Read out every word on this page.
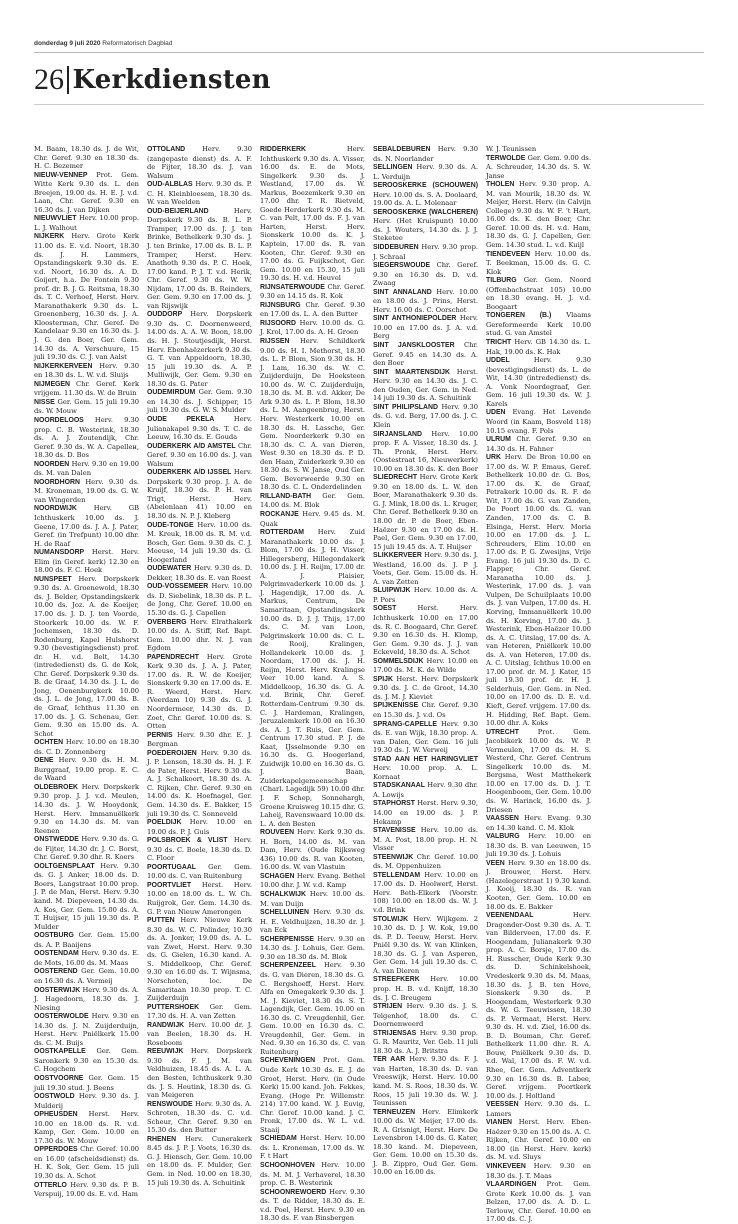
donderdag 9 juli 2020 Reformatorisch Dagblad
26 Kerkdiensten

M. Baam, 18.30 ds. J. de Wit, Chr. Geref. 9.30 en 18.30 ds. H. C. Bezemer

NIEUW-VENNEP Prot. Gem. Witte Kerk 9.30 ds. L. den Breejen, 19.00 ds. H. E. J. v.d. Laan, Chr. Geref. 9.30 en 16.30 ds. J. van Dijken

NIEUWVLIET Herv. 10.00 prop. L. J. Walhout

NIJKERK Herv. Grote Kerk 11.00 ds. E. v.d. Noort, 18.30 ds. J. H. Lammers, Opstandingskerk 9.30 ds. E. v.d. Noort, 16.30 ds. A. D. Goijert, h.a. De Fontein 9.30 prof. dr. B. J. G. Reitsma, 18.30 ds. T. C. Verhoef, Herst. Herv. Maranathakerk 9.30 ds. L. Groenenberg, 16.30 ds. J. A. Kloosterman, Chr. Geref. De Kandelaar 9.30 en 16.30 ds. J. J. G. den Boer, Ger. Gem. 14.30 ds. A. Verschuure, 15 juli 19.30 ds. C. J. van Aalst

NIJKERKERVEEN Herv. 9.30 en 18.30 ds. L. W. v.d. Sluijs

NIJMEGEN Chr. Geref. Kerk vrijgem. 11.30 ds. W. de Bruin

NISSE Ger. Gem. 15 juli 19.30 ds. W. Mouw

NOORDELOOS Herv. 9.30 prop. C. B. Westerink, 18.30 ds. A. J. Zoutendijk, Chr. Geref. 9.30 ds. W. A. Capelleн, 18.30 ds. D. Bos

NOORDEN Herv. 9.30 en 19.00 ds. M. van Dalen

NOORDHORN Herv. 9.30 ds. M. Kroneman, 19.00 ds. G. W. van Wingerden

NOORDWIJK Herv. GB Ichthuskerk 10.00 ds. J. Geene, 17.00 ds. J. A. J. Pater, Geref. (in Trefpunt) 10.00 dhr. H. de Raaf

NUMANSDORP Herst. Herv. Elim (in Geref. kerk) 12.30 en 18.00 ds. F. C. Hoek

NUNSPEET Herv. Dorpskerk 9.30 ds. A. Groenewold, 18.30 ds. J. Belder, Opstandingskerk 10.00 ds. Joz. A. de Koeijer, 17.00 ds. J. D. J. ten Voorde, Stoorkerk 10.00 ds. W. F. Jochemsen, 18.30 ds. D. Rodenburg, Kapel Hulshorst 9.30 (bevestigingsdienst) prof. dr. H. v.d. Belt, 14.30 (intrededienst) ds. G. de Kok, Chr. Geref. Dorpskerk 9.30 ds. B. de Graaf, 14.30 ds. J. L. de Jong, Oenenburgkerk 10.00 ds. J. L. de Jong, 17.00 ds. B. de Graaf, Ichthus 11.30 en 17.00 ds. J. G. Schenau, Ger. Gem. 9.30 en 15.00 ds. A. Schot

OCHTEN Herv. 10.00 en 18.30 ds. C. D. Zonnenberg

OENE Herv. 9.30 ds. H. M. Burggraaf, 19.00 prop. E. C. de Waard

OLDEBROEK Herv. Dorpskerk 9.30 prop. J. J. v.d. Meulen, 14.30 ds. J. W. Hooydonk, Herst. Herv. Immanuëlkerk 9.30 en 14.30 ds. M. van Reenen

ONSTWEDDE Herv. 9.30 ds. G. de Fijter, 14.30 dr. J. C. Borst, Chr. Geref. 9.30 dhr. R. Koers

OOLTGENSPLAAT Herv. 9.30 ds. G. J. Anker, 18.00 ds. D. Boers, Langstraat 10.00 prop. J. P. de Man, Herst. Herv. 9.30 kand. M. Diepeveen, 14.30 ds. A. Kos, Ger. Gem. 15.00 ds. A. T. Huijser, 15 juli 19.30 ds. P. Mulder

OOSTBURG Ger. Gem. 15.00 ds. A. P. Baaijens

OOSTENDAM Herv. 9.30 ds. E. de Mots, 16.00 ds. M. Maas

OOSTEREND Ger. Gem. 10.00 en 16.30 ds. A. Vermeij

OOSTERWIJK Herv. 9.30 ds. A. J. Hagedoorn, 18.30 ds. J. Niesing

OOSTERWOLDE Herv. 9.30 en 14.30 ds. J. N. Zuijderduijn, Herst. Herv. Pniëlkerk 15.00 ds. C. M. Buijs

OOSTKAPELLE Ger. Gem. Saronkerk 9.30 en 15.30 ds. C. Hogchem

OOSTVOORNE Ger. Gem. 15 juli 19.30 stud. J. Beens

OOSTWOLD Herv. 9.30 ds. J. Mulderij

OPHEUSDEN Herst. Herv. 10.00 en 18.00 ds. R. v.d. Kamp, Ger. Gem. 10.00 en 17.30 ds. W. Mouw

OPPERDOES Chr. Geref. 10.00 en 16.00 (afscheidsdienst) ds. H. K. Sok, Ger. Gem. 15 juli 19.30 ds. A. Schot

OTTERLO Herv. 9.30 ds. P. B. Verspuij, 19.00 ds. E. v.d. Ham

OTTOLAND Herv. 9.30 (zangepaste dienst) ds. A. F. de Fijter, 18.30 ds. J. van Walsum

OUD-ALBLAS Herv. 9.30 ds. P. C. H. Kleinbloesem, 18.30 ds. W. van Weelden

OUD-BEIJERLAND Herv. Dorpskerk 9.30 ds. B. L. P. Tramper, 17.00 ds. J. J. ten Brinke, Bethelkerk 9.30 ds. J. J. ten Brinke, 17.00 ds. B. L. P. Tramper, Herst. Herv. Anathoth 9.30 ds. P. C. Hoek, 17.00 kand. P. J. T. v.d. Herik, Chr. Geref. 9.30 ds. W. W. Nijdam, 17.00 ds. B. Reinders, Ger. Gem. 9.30 en 17.00 ds. J. van Rijswijk

OUDDORP Herv. Dorpskerk 9.30 ds. C. Doornenweerd, 14.00 ds. A. A. W. Boon, 18.00 ds. H. J. Stoutjesdijk, Herst. Herv. Ebenhaëzerkerk 9.30 ds. G. T. van Appeldoorn, 18.30, 15 juli 19.30 ds. A. P. Mulliwijk, Ger. Gem. 9.30 en 18.30 ds. G. Pater

OUDEMIRDUM Ger. Gem. 9.30 en 14.30 ds. J. Schipper, 15 juli 19.30 ds. G. W. S. Mulder

OUDE PEKELA Herv. Julianakapel 9.30 ds. T. C. de Leeuw, 16.30 ds. E. Gouda

OUDERKERK A/D AMSTEL Chr. Geref. 9.30 en 16.00 ds. J. van Walsum

OUDERKERK A/D IJSSEL Herv. Dorpskerk 9.30 prop. J. A. de Kruijf, 18.30 ds. P. H. van Trigt, Herst. Herv. (Abelenlaan 41) 10.00 en 18.30 ds. N. P. J. Kleberg

OUDE-TONGE Herv. 10.00 ds. M. Kreuk, 18.00 ds. R. M. v.d. Bosch, Ger. Gem. 9.30 ds. C. J. Meeuse, 14 juli 19.30 ds. G. Hoogerland

OUDEWATER Herv. 9.30 ds. D. Dekker, 18.30 ds. E. van Roest

OUD-VOSSEMEER Herv. 10.00 ds. D. Siebelink, 18.30 ds. P. L. de Jong, Chr. Geref. 10.00 en 15.30 ds. G. J. Capellen

OVERBERG Herv. Elrathakerk 10.00 ds. A. Stiff, Ref. Bapt. Gem. 10.00 dhr. N. J. van Egdom

PAPENDRECHT Herv. Grote Kerk 9.30 ds. J. A. J. Pater, 17.00 ds. R. W. de Koeijer, Sionskerk 9.30 en 17.00 ds. E. R. Weerd, Herst. Herv. (Veerdam 10) 9.30 ds. G. J. Noordermeer, 14.30 ds. D. Zoet, Chr. Geref. 10.00 ds. S. Otten

PERNIS Herv. 9.30 dhr. E. J. Bergman

POEDEROIJEN Herv. 9.30 ds. J. P. Lensen, 18.30 ds. H. J. F. de Pater, Herst. Herv. 9.30 ds. A. J. Schalkoort, 18.30 ds. A. C. Rijken, Chr. Geref. 9.30 en 14.00 ds. K. Hoefnagel, Ger. Gem. 14.30 ds. E. Bakker, 15 juli 19.30 ds. C. Sonneveld

POELDIJK Herv. 10.00 en 19.00 ds. P. J. Guis

POLSBROEK & VLIST Herv. 9.30 ds. C. Boele, 18.30 ds. D. C. Floor

POORTUGAAL Ger. Gem. 10.00 ds. C. van Ruitenburg

POORTVLIET Herst. Herv. 10.00 en 18.00 ds. L. W. Ch. Ruijgrok, Ger. Gem. 14.30 ds. G. P. van Nieuw Amerongen

PUTTEN Herv. Nieuwe Kerk 8.30 ds. W. C. Polinder, 10.30 ds. A. Jonker, 19.00 ds. A. L. van Zwet, Herst. Herv. 9.30 ds. G. Gielen, 16.30 kand. A. S. Middelkoop, Chr. Geref. 9.30 en 16.00 ds. T. Wijnsma, Norschoten, loc. De Samaritaan 10.30 prop. T. C. Zuijderduijn

PUTTERSHOEK Ger. Gem. 17.30 ds. H. A. van Zetten

RANDWIJK Herv. 10.00 dr. J. van Beelen, 18.30 ds. H. Roseboom

REEUWIJK Herv. Dorpskerk 9.30 ds. F. J. M. van Veldhuizen, 18.45 ds. A. L. A. den Besten, Ichthuskerk 9.30 ds. J. S. Heutink, 18.30 ds. G. van Meigeren

RENSWOUDE Herv. 9.30 ds. A. Schroten, 18.30 ds. C. v.d. Scheur, Chr. Geref. 9.30 en 15.30 ds. den Butter

RHENEN Herv. Cunerakerk 8.45 ds. J. P. J. Voets, 16.30 ds. G. J. Hiensch, Ger. Gem. 10.00 en 18.00 ds. F. Mulder, Ger. Gem. in Ned. 10.00 en 18.30, 15 juli 19.30 ds. A. Schuitink

RIDDERKERK Herv. Ichthuskerk 9.30 ds. A. Visser, 16.00 ds. E. de Mots, Singelkerk 9.30 ds. J. Westland, 17.00 ds. W. Markus, Boezemkerk 9.30 en 17.00 dhr. T. R. Rietveld, Goede Herderkerk 9.30 ds. M. C. van Pelt, 17.00 ds. F. J. van Harten, Herst. Herv. Sionskerk 10.00 ds. K. J. Kaptein, 17.00 ds. R. van Kooten, Chr. Geref. 9.30 en 17.00 ds. G. Fuijkschot, Ger. Gem. 10.00 en 15.30, 15 juli 19.30 ds. H. v.d. Heuvel

RIJNSATERWOUDE Chr. Geref. 9.30 en 14.15 ds. R. Kok

RIJNSBURG Chr. Geref. 9.30 en 17.00 ds. L. A. den Butter

RIJSOORD Herv. 10.00 ds. G. J. Krol, 17.00 ds. A. H. Groen

RIJSSEN Herv. Schildkerk 9.00 ds. H. I. Methorst, 18.30 ds. L. P. Blom, Sion 9.30 ds. H. J. Lam, 16.30 ds. W. C. Zuijderduijn, De Hoeksteen 10.00 ds. W. C. Zuijderduijn, 18.30 ds. M. B. v.d. Akker, De Ark 9.30 ds. L. P. Blom, 18.30 ds. L. M. Aangeenbrug, Herst. Herv. Westerkerk 10.00 en 18.30 ds. H. Lassche, Ger. Gem. Noorderkerk 9.30 en 18.30 ds. C. A. van Dieren, West 9.30 en 18.30 ds. P. D. den Haan, Zuiderkerk 9.30 en 18.30 ds. S. W. Janse, Oud Ger. Gem. Beverweerde 9.30 en 18.30 ds. C. L. Onderdelinden

RILLAND-BATH Ger. Gem. 14.00 ds. M. Blok

ROCKANJE Herv. 9.45 ds. M. Quak

ROTTERDAM Herv. Zuid Maranathakerk 10.00 ds. J. Blom, 17.00 ds. J. H. Visser, Hillegersberg, Hillegondakerk 10.00 ds. J. H. Reijm, 17.00 dr. A. J. Plaisier, Pelgrimvaderkerk 10.00 ds. J. J. Hagendijk, 17.00 ds. A. Markus, Centrum, De Samaritaan, Opstandingskerk 10.00 ds. D. J. J. Thijs, 17.00 ds. C. M. van Loon, Pelgrimskerk 10.00 ds. C. L. de Rooij, Kralingen, Hollandekerk 10.00 ds. J. Noordam, 17.00 ds. J. H. Reijm, Herst. Herv. Kralingse Veer 10.00 kand. A. S. Middelkoop, 16.30 ds. G. A. v.d. Brink, Chr. Geref. Rotterdam-Centrum 9.30 ds. C. J. Hardeman, Kralingen, Jeruzalemkerk 10.00 en 16.30 ds. A. J. T. Ruis, Ger. Gem. Centrum 17.30 stud. P. J. de Kaat, IJsselmonde 9.30 en 16.30 ds. G. Hoogerland, Zuidwijk 10.00 en 16.30 ds. G. J. Baan, Zuiderkapelgemeenschap (Charl. Lagedijk 59) 10.00 dhr. J. F. Schep, Sonnehargh, Groene Kruisweg 10.15 dhr. G. Laheij, Ravenswaard 10.00 ds. L. A. den Besten

ROUVEEN Herv. Kerk 9.30 ds. H. Born, 14.00 ds. M. van Dam, Herv. (Oude Rijksweg 436) 10.00 ds. R. van Kooten, 16.00 ds. W. van Vlastuin

SCHAGEN Herv. Evang. Bethel 10.00 dhr. J. W. v.d. Kamp

SCHALKWIJK Herv. 10.00 ds. M. van Duijn

SCHELLUINEN Herv. 9.30 ds. H. E. Veldhuijzen, 18.30 dr. J. van Eck

SCHERPENISSE Herv. 9.30 en 14.30 ds. J. Lohuis, Ger. Gem. 9.30 en 18.30 ds. M. Blok

SCHERPENZEEL Herv. 9.30 ds. G. van Dieren, 18.30 ds. G. C. Bergshoeff, Herst. Herv. Alfa en Omegakerk 9.30 ds. J. M. J. Kieviet, 18.30 ds. S. T. Lagendijk, Ger. Gem. 10.00 en 16.30 ds. C. Vreugdenhil, Ger. Gem. 10.00 en 16.30 ds. C. Vreugdenhil, Ger. Gem. in Ned. 9.30 en 16.30 ds. C. van Ruitenburg

SCHEVENINGEN Prot. Gem. Oude Kerk 10.30 ds. E. J. de Groot, Herst. Herv. (in Oude Kerk) 15.00 kand. Joh. Fekkes, Evang. (Hoge Pr. Willemstr. 214) 17.00 kand. W. J. Euvig, Chr. Geref. 10.00 kand. J. C. Pronk, 17.00 ds. W. L. v.d. Staaij

SCHIEDAM Herst. Herv. 10.00 ds. L. Kroneman, 17.00 ds. W. F. t Hart

SCHOONHOVEN Herv. 10.00 ds. M. M. J. Verhaverel, 18.30 prop. C. B. Westerink

SCHOONREWOERD Herv. 9.30 ds. T. de Ridder, 18.30 ds. E. v.d. Poel, Herst. Herv. 9.30 en 18.30 ds. F. van Binsbergen

SEBALDEBUREN Herv. 9.30 ds. N. Noorlander

SELLINGEN Herv. 9.30 ds. A. L. Verduijn

SEROOSKERKE (SCHOUWEN) Herv. 10.00 ds. S. A. Doolaard, 19.00 ds. A. L. Molenaar

SEROOSKERKE (WALCHEREN) Herv. (Het Kruispunt) 10.00 ds. J. Wouters, 14.30 ds. J. J. Steketee

SIDDEBUREN Herv. 9.30 prop. J. Schraal

SIEGERSWOUDE Chr. Geref. 9.30 en 16.30 ds. D. v.d. Zwaag

SINT ANNALAND Herv. 10.00 en 18.00 ds. J. Prins, Herst. Herv. 16.00 ds. C. Oorschot

SINT ANTHONIEPOLDER Herv. 10.00 en 17.00 ds. J. A. v.d. Berg

SINT JANSKLOOSTER Chr. Geref. 9.45 en 14.30 ds. A. den Boer

SINT MAARTENSDIJK Herst. Herv. 9.30 en 14.30 ds. J. C. den Ouden, Ger. Gem. in Ned. 14 juli 19.30 ds. A. Schuitink

SINT PHILIPSLAND Herv. 9.30 ds. G. v.d. Berg, 17.00 ds. J. C. Klein

SIRJANSLAND Herv. 10.00 prop. F. A. Visser, 18.30 ds. J. Th. Pronk, Herst. Herv. (Oostestraat 16, Nieuwerkerk) 10.00 en 18.30 ds. K. den Boer

SLIEDRECHT Herv. Grote Kerk 9.30 en 18.00 ds. L. W. den Boer, Maranathakerk 9.30 ds. G. J. Mink, 18.00 ds. L. Kruger, Chr. Geref. Bethelkerk 9.30 en 18.00 dr. P. de Boer, Eben-Haëzer 9.30 en 17.00 ds. H. Pael, Ger. Gem. 9.30 en 17.00, 15 juli 19.45 ds. A. T. Huijser

SLIKKERVEER Herv. 9.30 ds. J. Westland, 16.00 ds. J. P J. Voets, Ger. Gem. 15.00 ds. H. A. van Zetten

SLUIPWIJK Herv. 10.00 ds. A. P. Pors

SOEST Herst. Herv. Ichthuskerk 10.00 en 17.00 ds. R. C. Boogaard, Chr. Geref. 9.30 en 16.30 ds. H. Klomp, Ger. Gem. 9.30 ds. J. J. van Eckeveld, 18.30 ds. A. Schot

SOMMELSDIJK Herv. 10.00 en 17.00 ds. M. K. de Wilde

SPIJK Herst. Herv. Dorpskerk 9.30 ds. J. C. de Groot, 14.30 ds. J. M. J. Kieviet

SPIJKENISSE Chr. Geref. 9.30 en 15.30 ds. J. v.d. Os

SPRANG-CAPELLE Herv. 9.30 ds. E. van Wijk, 18.30 prop. A. van Dalen, Ger. Gem. 16 juli 19.30 ds. J. W. Verweij

STAD AAN HET HARINGVLIET Herv. 10.00 prop. A. L. Kornaat

STADSKANAAL Herv. 9.30 dhr. A. Lowijs

STAPHORST Herst. Herv. 9.30, 14.00 en 19.00 ds. J. P. Hekamp

STAVENISSE Herv. 10.00 ds. M. A. Post, 18.00 prop. H. N. Visser

STEENWIJK Chr. Geref. 10.00 ds. M. Oppenhuizen

STELLENDAM Herv. 10.00 en 17.00 ds. D. Hoolwerf, Herst. Herv. Beth-Elkerk (Voorstr. 108) 10.00 en 18.00 ds. W. J. v.d. Brink

STOLWIJK Herv. Wijkgem. 2 10.30 ds. D. J. W. Kok, 19.00 ds. P. D. Teeuw, Herst. Herv. Pniël 9.30 ds. W. van Klinken, 18.30 ds. G. J. van Asperen, Ger. Gem. 14 juli 19.30 ds. C. A. van Dieren

STREEFKERK Herv. 10.00 prop. H. B. v.d. Knijff, 18.30 ds. J. C. Breugem

STRIJEN Herv. 9.30 ds. J. S. Telgenhof, 18.00 ds. C. Doornenweerd

STRIJENSAS Herv. 9.30 prop. G. R. Mauritz, Ver. Geb. 11 juli 18.30 ds. A. J. Britstra

TER AAR Herv. 9.30 ds. F. J. van Harten, 18.30 ds. D. van Vreeswijk, Herst. Herv. 10.00 kand. M. S. Roos, 18.30 ds. W. Roos, 15 juli 19.30 ds. W. J. Teunissen

TERNEUZEN Herv. Elimkerk 10.00 ds. W. Meijer, 17.00 ds. R. A. Grisnigt, Herst. Herv. De Levensbron 14.00 ds. G. Kater, 18.30 kand. M. Diepeveen, Ger. Gem. 10.00 en 15.30 ds. J. B. Zippro, Oud Ger. Gem. 10.00 en 16.00 ds.

W. J. Teunissen

TERWOLDE Ger. Gem. 9.00 ds. A. Schreuder, 14.30 ds. S. W. Janse

THOLEN Herv. 9.30 prop. A. M. van Mourik, 18.30 ds. W. Meijer, Herst. Herv. (in Calvijn College) 9.30 ds. W. F. 't Hart, 16.00 ds. K. den Boer, Chr. Geref. 10.00 ds. H. v.d. Ham, 18.30 ds. G. J. Capellen, Ger. Gem. 14.30 stud. L. v.d. Kuijl

TIENDEVEEN Herv. 10.00 ds. T. Beekman, 15.00 ds. G. C. Klok

TILBURG Ger. Gem. Noord (Offenbachstraat 105) 10.00 en 18.30 evang. H. J. v.d. Boogaart

TONGEREN (B.) Vlaams Gereformeerde Kerk 10.00 stud. G. van Amstel

TRICHT Herv. GB 14.30 ds. L. Hak, 19.00 ds. K. Hak

UDDEL Herv. 9.30 (bevestigingsdienst) ds. L. de Wit, 14.30 (intrededienst) ds. A. Vonk Noordegraaf, Ger. Gem. 16 juli 19.30 ds. W. J. Karels

UDEN Evang. Het Levende Woord (in Kaam, Bosveld 118) 10.15 evang. F. Pols

ULRUM Chr. Geref. 9.30 en 14.30 ds. H. Fahner

URK Herv. De Bron 10.00 en 17.00 ds. W. P. Emaus, Geref. Bethelkerk 10.00 dr. G. Bos, 17.00 ds. K. de Graaf, Petrakerk 10.00 ds. R. F. de Wit, 17.00 ds. G. van Zanden, De Poort 10.00 ds. G. van Zanden, 17.00 ds. C. B. Elsinga, Herst. Herv. Moria 10.00 en 17.00 ds. J. L. Schreuders, Elim 10.00 en 17.00 ds. P. G. Zwesijns, Vrije Evang. 16 juli 19.30 ds. D. C. Flapper, Chr. Geref. Maranatha 10.00 ds. J. Westerink, 17.00 ds. J. van Vulpen, De Schuilplaats 10.00 ds. J. van Vulpen, 17.00 ds. H. Korving, Immanuëlkerk 10.00 ds. H. Korving, 17.00 ds. J. Westerink, Eben-Haëzer 10.00 ds. A. C. Uitslag, 17.00 ds. A. van Heteren, Pniëlkerk 10.00 ds. A. van Heteren, 17.00 ds. A. C. Uitslag, Ichthus 10.00 en 17.00 prof. dr. M. J. Kater, 15 juli 19.30 prof. dr. H. J. Selderhuis, Ger. Gem. in Ned. 10.00 en 17.00 ds. D. E. v.d. Kieft, Geref. vrijgem. 17.00 ds. H. Hidding, Ref. Bapt. Gem. 10.00 dhr. A. Koks

UTRECHT Prot. Gem. Jacobikerk 10.00 ds. W. P. Vermeulen, 17.00 ds. H. S. Westerd, Chr. Geref. Centrum Singelkerk 10.00 ds. M. Bergsma, West Matthekerk 10.00 en 17.00 ds. D. J. T. Hoogenboom, Ger. Gem. 10.00 ds. W. Harinck, 16.00 ds. J. Driesen

VAASSEN Herv. Evang. 9.30 en 14.30 kand. C. M. Klok

VALBURG Herv. 10.00 en 18.30 ds. B. van Leeuwen, 15 juli 19.30 ds. J. Lohuis

VEEN Herv. 9.30 en 18.00 ds. J. Brouwer, Herst. Herv. (Hazelegerstraat 1) 9.30 kand. J. Kooij, 18.30 ds. R. van Kooten, Ger. Gem. 10.00 en 18.00 ds. E. Bakker

VEENENDAAL Herv. Dragonder-Oost 9.30 ds. A. T. van Bilderveen, 17.00 ds. F. Hoogendam, Julianakerk 9.30 prop. A. C. Borsje, 17.00 ds. H. Russcher, Oude Kerk 9.30 ds. D. Schinkelshoek, Vredeskerk 9.30 ds. M. Maas, 18.30 ds. J. B. ten Hove, Sionskerk 9.30 ds. P. Hoogendam, Westerkerk 9.30 ds. W. G. Teeuwissen, 18.30 ds. P. Vermaat, Herst. Herv. 9.30 ds. H. v.d. Ziel, 16.00 ds. B. D. Bouman, Chr. Geref. Bethelkerk 11.00 dhr. R. A. Bouw, Pniëlkerk 9.30 ds. D. v.d. Wal, 17.00 ds. F. W. v.d. Rhee, Ger. Gem. Adventkerk 9.30 en 16.30 ds. B. Labee, Geref. vrijgem. Poortkerk 10.00 ds. J. Holtland

VEESSEN Herv. 9.30 ds. L. Lamers

VIANEN Herst. Herv. Eben-Haëzer 9.30 en 15.00 ds. A. C. Rijken, Chr. Geref. 10.00 en 18.00 (in Herst. Herv. kerk) ds. M. v.d. Sluys

VINKEVEEN Herv. 9.30 en 18.30 ds. J. T. Maas

VLAARDINGEN Prot. Gem. Grote Kerk 10.00 ds. J. van Belzen, 17.00 ds. A. D. L. Terlouw, Chr. Geref. 10.00 en 17.00 ds. C. J.
